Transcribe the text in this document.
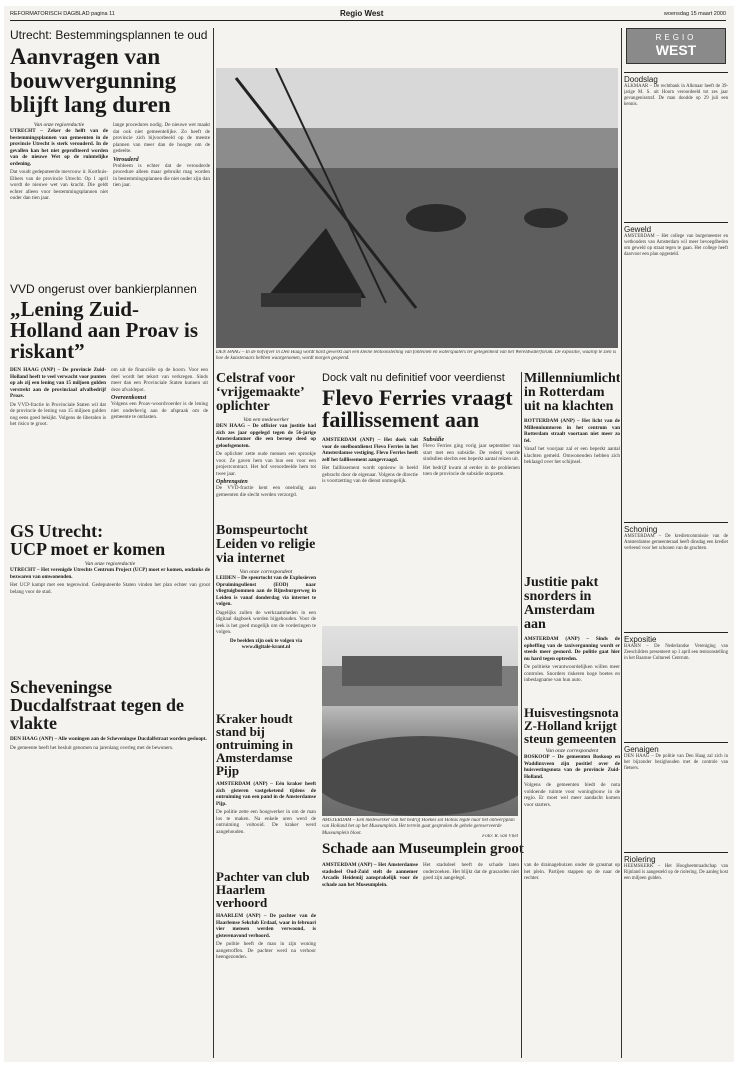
REFORMATORISCH DAGBLAD pagina 11	Regio West	woensdag 15 maart 2000
Utrecht: Bestemmingsplannen te oud
Aanvragen van bouwvergunning blijft lang duren
Van onze regioredactie

UTRECHT – Zeker de helft van de bestemmingsplannen van gemeenten in de provincie Utrecht is sterk verouderd. In de gevallen kan het niet geprofiteerd worden van de nieuwe Wet op de ruimtelijke ordening.

Dat voudt gedeputeerde mevrouw ir. Korthuis-Elbers van de provincie Utrecht. Op 1 april wordt de nieuwe wet van kracht. Die geldt echter alleen voor bestemmingsplannen niet ouder dan tien jaar.

lange procedures nodig. De nieuwe wet maakt dat ook niet gemeentelijke. Zo heeft de provincie zich bijvoorbeeld op de meeste plannen van meer dan de hoogte om de gedeelte.

Verouderd

Probleem is echter dat de verouderde procedure alleen maar gebruikt mag worden in bestemmingsplannen die niet ouder zijn dan tien jaar.

DEN HAAG – In de hofvijver in Den Haag wordt hard gewerkt aan een kleine tentoonstelling van fonteinen en waterspuiters ter gelegenheid van het Wereldwaterforum. De expositie, waarop te zien is hoe de kunstenaars hebben waargenomen, wordt morgen geopend.
VVD ongerust over bankierplannen
„Lening Zuid-Holland aan Proav is riskant”

DEN HAAG (ANP) – De provincie Zuid-Holland heeft te veel verwacht voor punten op als zij een lening van 15 miljoen gulden verstrekt aan de provinciaal afvalbedrijf Proav.

De VVD-fractie in Provinciale Staten wil dat de provincie de lening van 15 miljoen gulden nog eens goed bekijkt. Volgens de liberalen is het risico te groot.

om uit de financiële op de hoorn. Voor een deel wordt het tekort van verkregen. Sinds meer dan een Provinciale Staten kunnen uit deze afvaldepot.

Overeenkomst

Volgens een Proav-woordvoerder is de lening niet onderhevig aan de afspraak om de gemeente te ontlasten.

Celstraf voor ‘vrijgemaakte’ oplichter
Van een medewerker

DEN HAAG – De officier van justitie had zich zes jaar opgelegd tegen de 56-jarige Amsterdammer die een beroep deed op geloofsgenoten.

De oplichter zette oude mensen een sprookje voor. Ze gaven hem van hun een voor een projectcontract. Het hof veroordeelde hem tot twee jaar.

Opbrengsten

De VVD-fractie kent een oneindig aan gemeenten die slecht werden verzorgd.

Dock valt nu definitief voor veerdienst
Flevo Ferries vraagt faillissement aan

AMSTERDAM (ANP) – Het doek valt voor de snelbootdienst Flevo Ferries in het Amsterdamse vestiging. Flevo Ferries heeft zelf het faillissement aangevraagd.

Het faillissement wordt opnieuw in beeld gebracht door de eigenaar. Volgens de directie is voortzetting van de dienst onmogelijk.

Subsidie

Flevo Ferries ging vorig jaar september van start met een subsidie. De rederij voerde sindsdien slechts een beperkt aantal reizen uit.

Het bedrijf kwam al eerder in de problemen toen de provincie de subsidie stopzette.

Millenniumlicht in Rotterdam uit na klachten

ROTTERDAM (ANP) – Het licht van de Millenniumtoren in het centrum van Rotterdam straalt voortaan niet meer zo fel.

Vanaf het voorjaar zal er een beperkt aantal klachten gemeld. Omwonenden hebben zich beklaagd over het schijnsel.

Justitie pakt snorders in Amsterdam aan

AMSTERDAM (ANP) – Sinds de opheffing van de taxivergunning wordt er steeds meer gesnord. De politie gaat hier nu hard tegen optreden.

De politieke verantwoordelijken willen meer controles. Snorders riskeren hoge boetes en inbeslagname van hun auto.

GS Utrecht:
UCP moet er komen
Van onze regioredactie

UTRECHT – Het verenigde Utrechts Centrum Project (UCP) moet er komen, ondanks de bezwaren van omwonenden.

Het UCP kampt met een tegenwind. Gedeputeerde Staten vinden het plan echter van groot belang voor de stad.

Bomspeurtocht Leiden vo religie via internet
Van onze correspondent

LEIDEN – De speurtocht van de Explosieven Opruimingsdienst (EOD) naar vliegtuigbommen aan de Rijnsburgerweg in Leiden is vanaf donderdag via internet te volgen.

Dagelijks zullen de werkzaamheden in een digitaal dagboek worden bijgehouden. Voor de leek is het goed mogelijk om de vorderingen te volgen.

De beelden zijn ook te volgen via www.digitale-krant.nl

AMSTERDAM – Een medewerker van het bedrijf Hoekes sol Hollas legde naar het ontwerpplan van Holland het op het Museumplein. Het terrein gaat gesproken de gehele gereserveerde Museumplein bloot.
Foto: R. van Vliet
Huisvestingsnota Z-Holland krijgt steun gemeenten
Van onze correspondent

BOSKOOP – De gemeenten Boskoop en Waddinxveen zijn positief over de huisvestingsnota van de provincie Zuid-Holland.

Volgens de gemeenten biedt de nota voldoende ruimte voor woningbouw in de regio. Er moet wel meer aandacht komen voor starters.

Kraker houdt stand bij ontruiming in Amsterdamse Pijp

AMSTERDAM (ANP) – Eén kraker heeft zich gisteren vastgeketend tijdens de ontruiming van een pand in de Amsterdamse Pijp.

De politie zette een hoogwerker in om de man los te maken. Na enkele uren werd de ontruiming voltooid. De kraker werd aangehouden.

Scheveningse
Ducdalfstraat tegen de vlakte

DEN HAAG (ANP) – Alle woningen aan de Scheveningse Ducdalfstraat worden gesloopt.

De gemeente heeft het besluit genomen na jarenlang overleg met de bewoners.

Pachter van club Haarlem verhoord

HAARLEM (ANP) – De pachter van de Haarlemse Sekclub Erdaaf, waar in februari vier mensen werden verwoond, is gisterenavond verhoord.

De politie heeft de man in zijn woning aangetroffen. De pachter werd na verhoor heengezonden.

Schade aan Museumplein groot

AMSTERDAM (ANP) – Het Amsterdamse stadsdeel Oud-Zuid stelt de aannemer Arcadis Heidemij aansprakelijk voor de schade aan het Museumplein.

Het stadsdeel heeft de schade laten onderzoeken. Het blijkt dat de graszoden niet goed zijn aangelegd.

van de drainagebuizen onder de grasmat op het plein. Partijen stappen op de naar de rechter.

REGIO
WEST
Doodslag

ALKMAAR – De rechtbank in Alkmaar heeft de 39-jarige M. S. uit Hoorn veroordeeld tot zes jaar gevangenisstraf. De man doodde op 29 juli een kennis.

Geweld

AMSTERDAM – Het college van burgemeester en wethouders van Amsterdam wil meer bevoegdheden om geweld op straat tegen te gaan. Het college heeft daarvoor een plan opgesteld.

Schoning

AMSTERDAM – De kredietcommissie van de Amsterdamse gemeenteraad heeft dinsdag een krediet verleend voor het schonen van de grachten.

Expositie

BAARN – De Nederlandse Vereniging van Zeeschilders presenteert op 1 april een tentoonstelling in het Baarnse Cultureel Centrum.

Genaigen

DEN HAAG – De politie van Den Haag zal zich in het bijzonder bezighouden met de controle van fietsers.

Riolering

HEEMSKERK – Het Hoogheemraadschap van Rijnland is aangesteld op de riolering. De aanleg kost een miljoen gulden.
